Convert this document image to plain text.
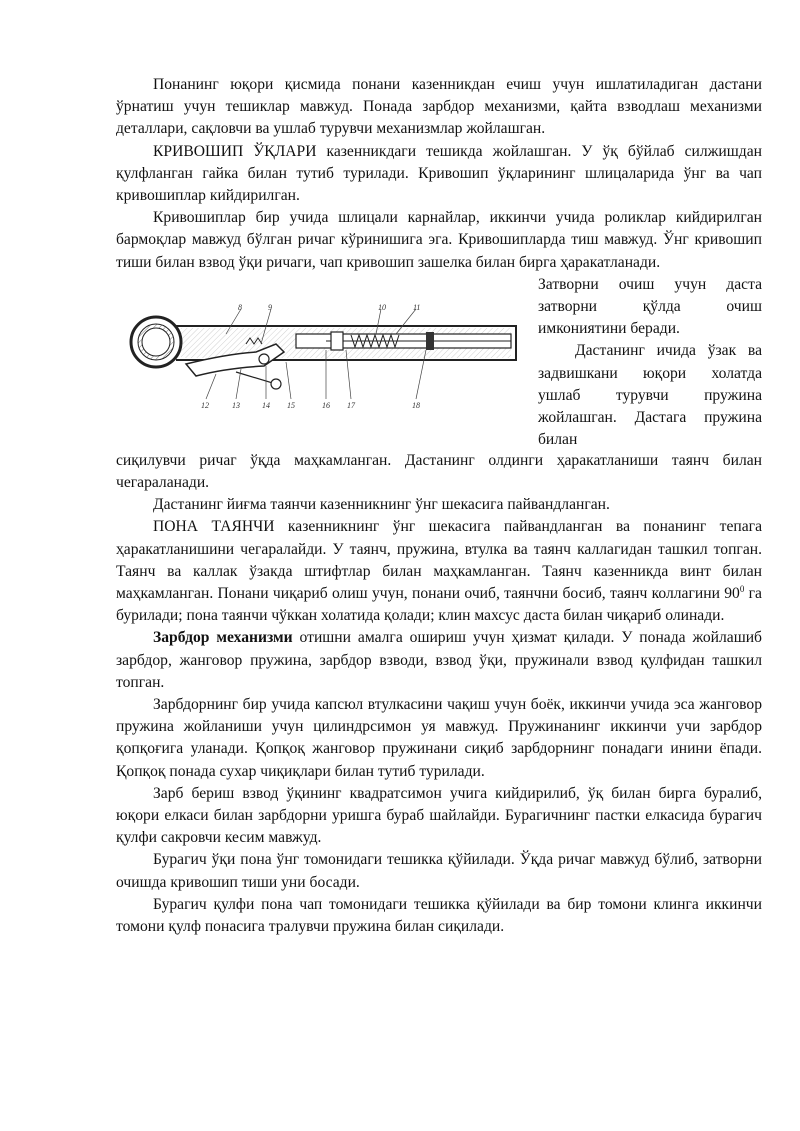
Понанинг юқори қисмида понани казенникдан ечиш учун ишлатиладиган дастани ўрнатиш учун тешиклар мавжуд. Понада зарбдор механизми, қайта взводлаш механизми деталлари, сақловчи ва ушлаб турувчи механизмлар жойлашган.

КРИВОШИП ЎҚЛАРИ казенникдаги тешикда жойлашган. У ўқ бўйлаб силжишдан қулфланган гайка билан тутиб турилади. Кривошип ўқларининг шлицаларида ўнг ва чап кривошиплар кийдирилган.

Кривошиплар бир учида шлицали карнайлар, иккинчи учида роликлар кийдирилган бармоқлар мавжуд бўлган ричаг кўринишига эга. Кривошипларда тиш мавжуд. Ўнг кривошип тиши билан взвод ўқи ричаги, чап кривошип зашелка билан бирга ҳаракатланади.

Затворни очиш учун даста затворни қўлда очиш имкониятини беради.

Дастанинг ичида ўзак ва задвишкани юқори холатда ушлаб турувчи пружина жойлашган. Дастага пружина билан

8	9	10	11
12	13	14 15	16 17	18

сиқилувчи ричаг ўқда маҳкамланган. Дастанинг олдинги ҳаракатланиши таянч билан чегараланади.

Дастанинг йиғма таянчи казенникнинг ўнг шекасига пайвандланган.

ПОНА ТАЯНЧИ казенникнинг ўнг шекасига пайвандланган ва понанинг тепага ҳаракатланишини чегаралайди. У таянч, пружина, втулка ва таянч каллагидан ташкил топган. Таянч ва каллак ўзакда штифтлар билан маҳкамланган. Таянч казенникда винт билан маҳкамланган. Понани чиқариб олиш учун, понани очиб, таянчни босиб, таянч коллагини $90^0$ га бурилади; пона таянчи чўккан холатида қолади; клин махсус даста билан чиқариб олинади.

Зарбдор механизми отишни амалга ошириш учун ҳизмат қилади. У понада жойлашиб зарбдор, жанговор пружина, зарбдор взводи, взвод ўқи, пружинали взвод қулфидан ташкил топган.

Зарбдорнинг бир учида капсюл втулкасини чақиш учун боёк, иккинчи учида эса жанговор пружина жойланиши учун цилиндрсимон уя мавжуд. Пружинанинг иккинчи учи зарбдор қопқоғига уланади. Қопқоқ жанговор пружинани сиқиб зарбдорнинг понадаги инини ёпади. Қопқоқ понада сухар чиқиқлари билан тутиб турилади.

Зарб бериш взвод ўқининг квадратсимон учига кийдирилиб, ўқ билан бирга буралиб, юқори елкаси билан зарбдорни уришга бураб шайлайди. Бурагичнинг пастки елкасида бурагич қулфи сакровчи кесим мавжуд.

Бурагич ўқи пона ўнг томонидаги тешикка қўйилади. Ўқда ричаг мавжуд бўлиб, затворни очишда кривошип тиши уни босади.

Бурагич қулфи пона чап томонидаги тешикка қўйилади ва бир томони клинга иккинчи томони қулф понасига тралувчи пружина билан сиқилади.
